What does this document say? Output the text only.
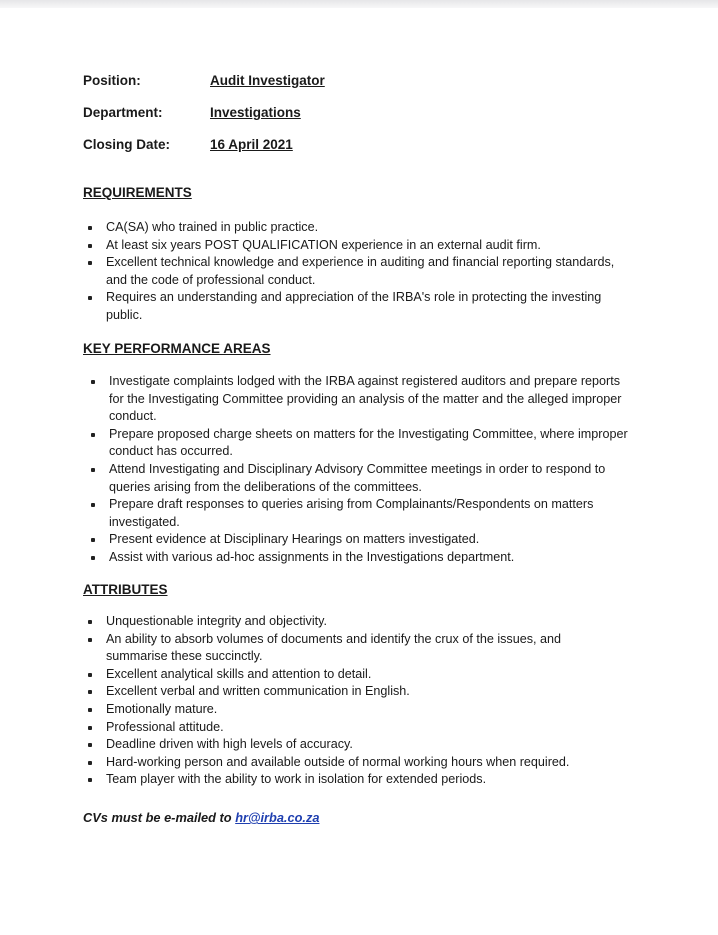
Position:	Audit Investigator
Department:	Investigations
Closing Date:	16 April 2021
REQUIREMENTS
CA(SA) who trained in public practice.
At least six years POST QUALIFICATION experience in an external audit firm.
Excellent technical knowledge and experience in auditing and financial reporting standards, and the code of professional conduct.
Requires an understanding and appreciation of the IRBA's role in protecting the investing public.
KEY PERFORMANCE AREAS
Investigate complaints lodged with the IRBA against registered auditors and prepare reports for the Investigating Committee providing an analysis of the matter and the alleged improper conduct.
Prepare proposed charge sheets on matters for the Investigating Committee, where improper conduct has occurred.
Attend Investigating and Disciplinary Advisory Committee meetings in order to respond to queries arising from the deliberations of the committees.
Prepare draft responses to queries arising from Complainants/Respondents on matters investigated.
Present evidence at Disciplinary Hearings on matters investigated.
Assist with various ad-hoc assignments in the Investigations department.
ATTRIBUTES
Unquestionable integrity and objectivity.
An ability to absorb volumes of documents and identify the crux of the issues, and summarise these succinctly.
Excellent analytical skills and attention to detail.
Excellent verbal and written communication in English.
Emotionally mature.
Professional attitude.
Deadline driven with high levels of accuracy.
Hard-working person and available outside of normal working hours when required.
Team player with the ability to work in isolation for extended periods.
CVs must be e-mailed to hr@irba.co.za
